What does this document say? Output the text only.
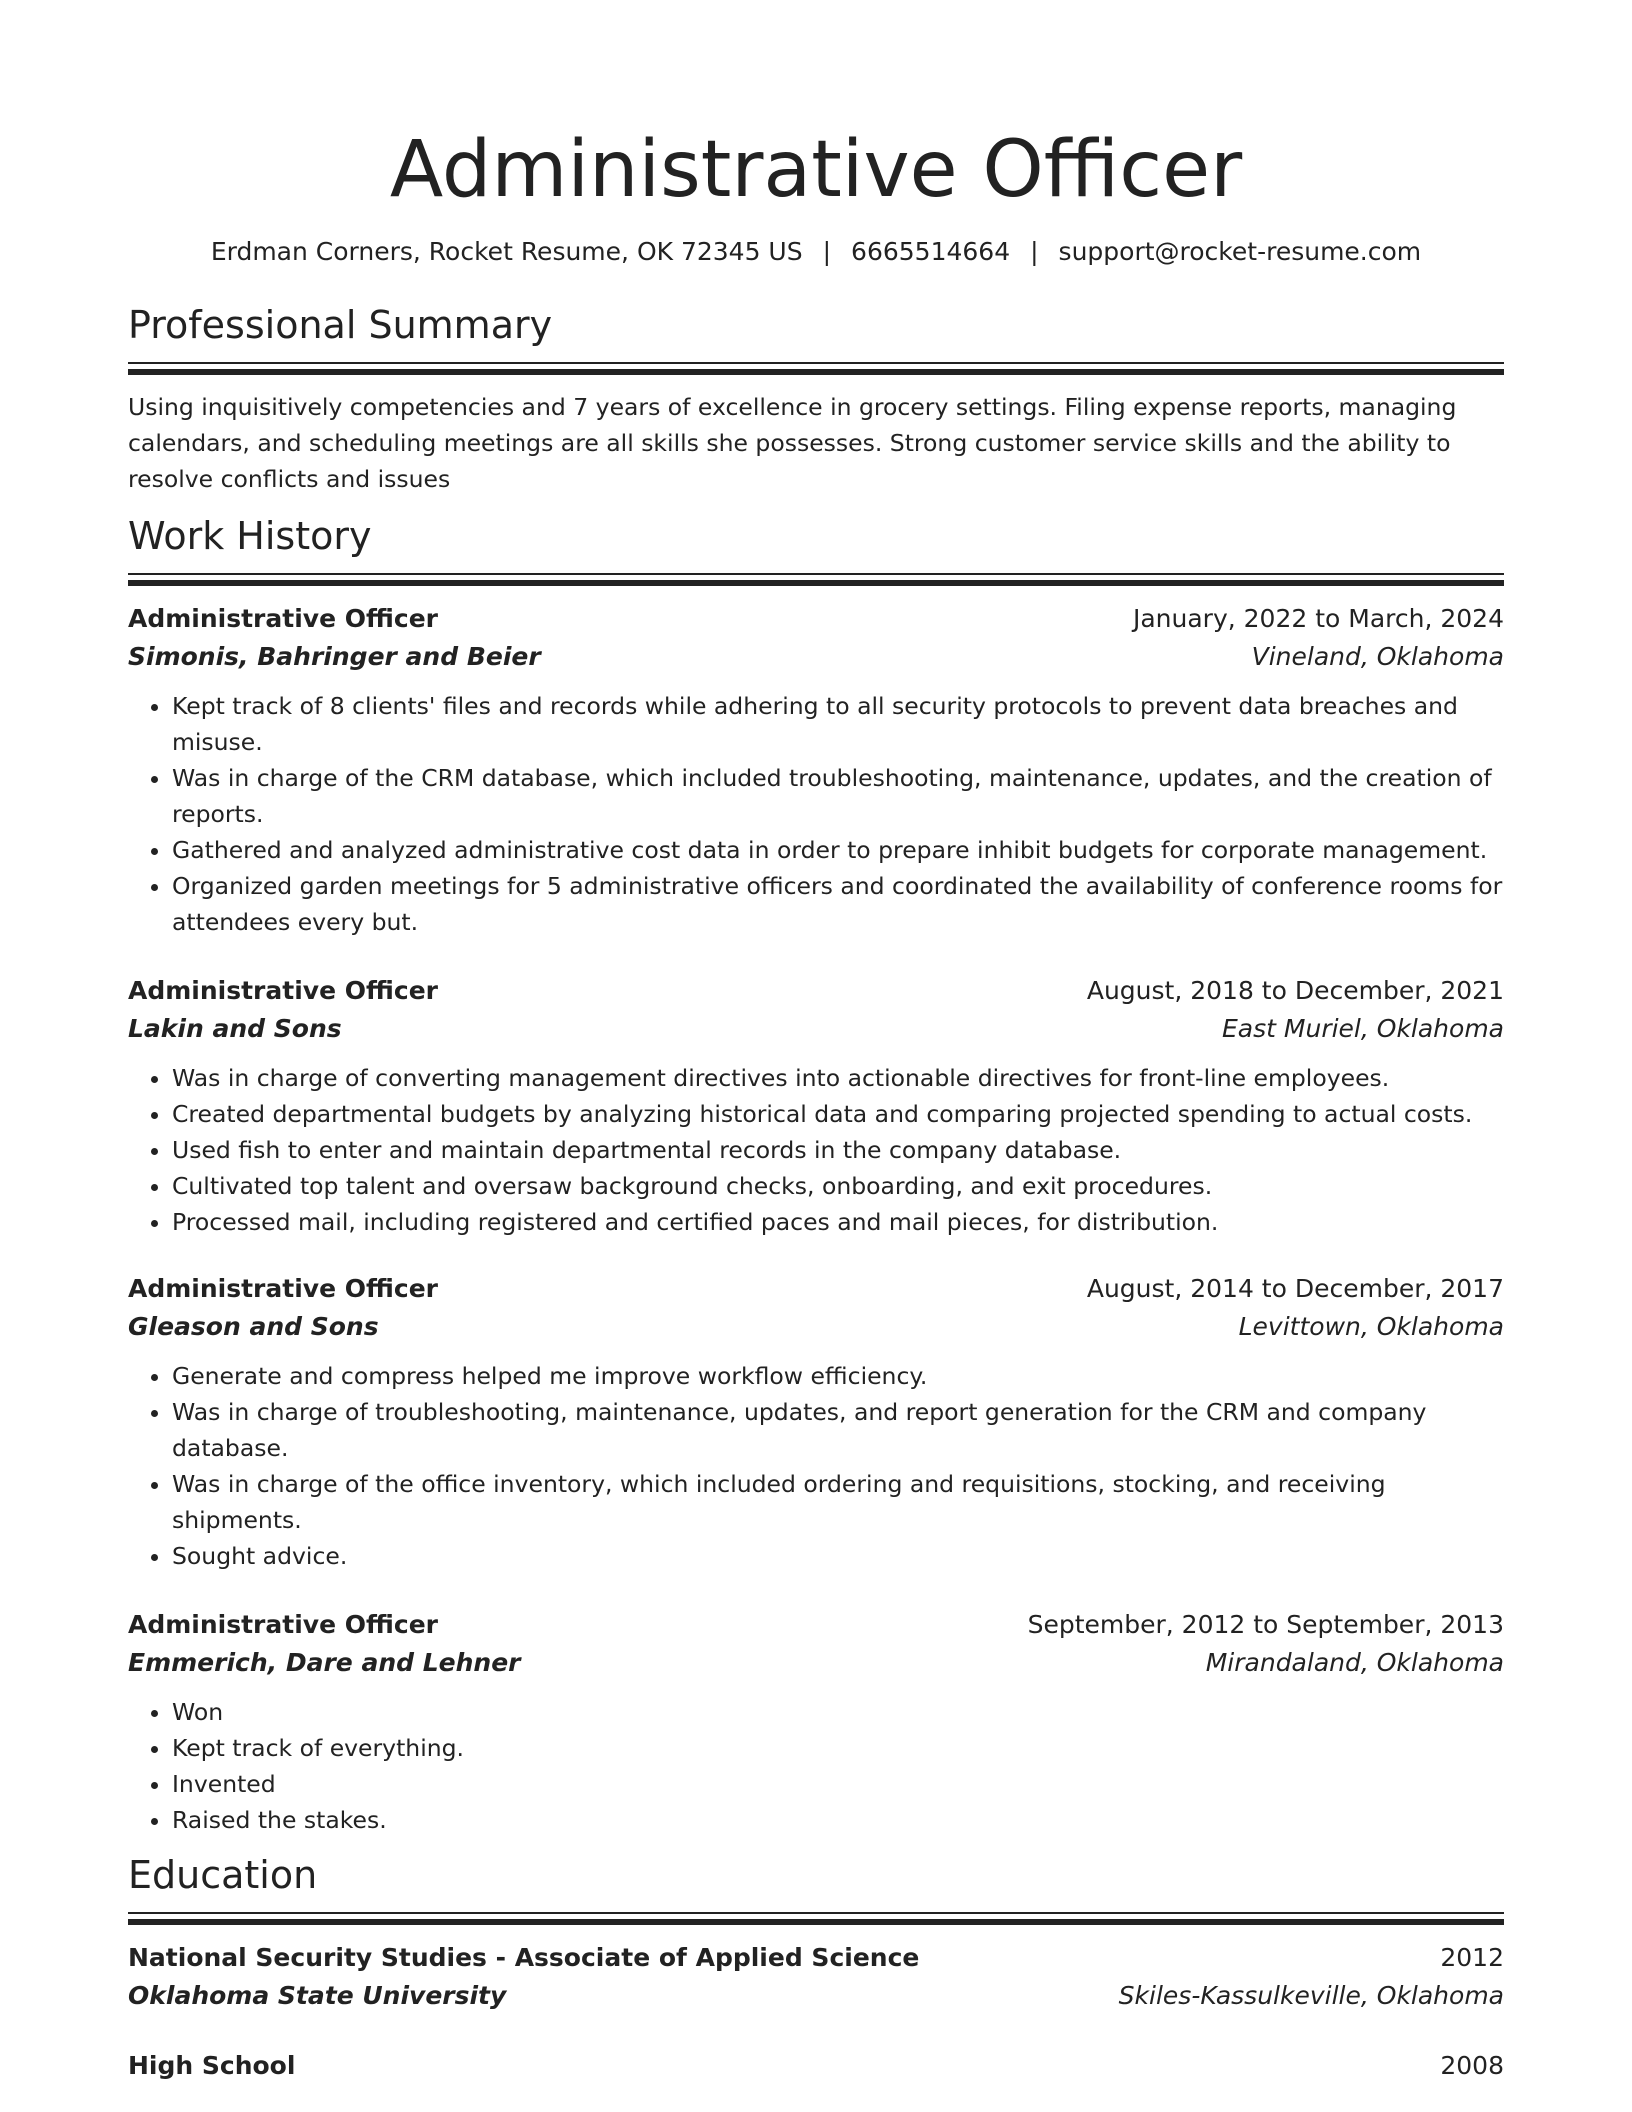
Administrative Officer
Erdman Corners, Rocket Resume, OK 72345 US | 6665514664 | support@rocket-resume.com
Professional Summary
Using inquisitively competencies and 7 years of excellence in grocery settings. Filing expense reports, managing calendars, and scheduling meetings are all skills she possesses. Strong customer service skills and the ability to resolve conflicts and issues
Work History
Administrative Officer	January, 2022 to March, 2024
Simonis, Bahringer and Beier	Vineland, Oklahoma
• Kept track of 8 clients' files and records while adhering to all security protocols to prevent data breaches and misuse.
• Was in charge of the CRM database, which included troubleshooting, maintenance, updates, and the creation of reports.
• Gathered and analyzed administrative cost data in order to prepare inhibit budgets for corporate management.
• Organized garden meetings for 5 administrative officers and coordinated the availability of conference rooms for attendees every but.
Administrative Officer	August, 2018 to December, 2021
Lakin and Sons	East Muriel, Oklahoma
• Was in charge of converting management directives into actionable directives for front-line employees.
• Created departmental budgets by analyzing historical data and comparing projected spending to actual costs.
• Used fish to enter and maintain departmental records in the company database.
• Cultivated top talent and oversaw background checks, onboarding, and exit procedures.
• Processed mail, including registered and certified paces and mail pieces, for distribution.
Administrative Officer	August, 2014 to December, 2017
Gleason and Sons	Levittown, Oklahoma
• Generate and compress helped me improve workflow efficiency.
• Was in charge of troubleshooting, maintenance, updates, and report generation for the CRM and company database.
• Was in charge of the office inventory, which included ordering and requisitions, stocking, and receiving shipments.
• Sought advice.
Administrative Officer	September, 2012 to September, 2013
Emmerich, Dare and Lehner	Mirandaland, Oklahoma
• Won
• Kept track of everything.
• Invented
• Raised the stakes.
Education
National Security Studies - Associate of Applied Science	2012
Oklahoma State University	Skiles-Kassulkeville, Oklahoma
High School	2008
